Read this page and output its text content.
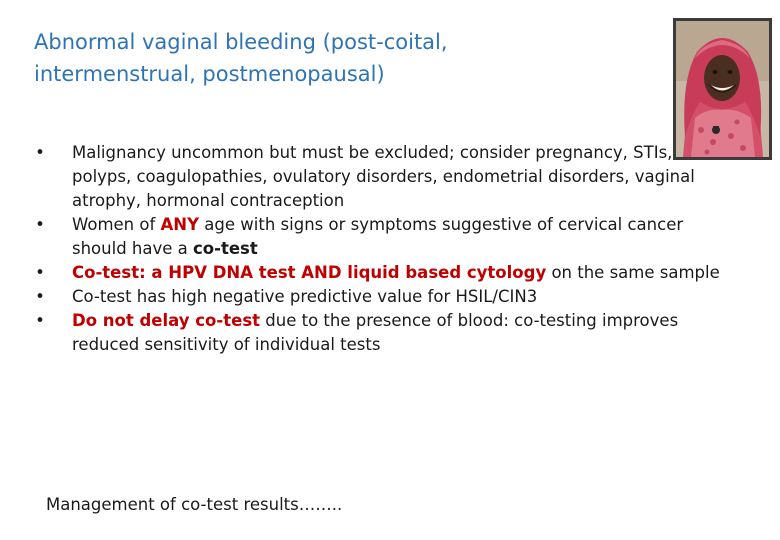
Abnormal vaginal bleeding (post-coital,
intermenstrual, postmenopausal)
• Malignancy uncommon but must be excluded; consider pregnancy, STIs, polyps, coagulopathies, ovulatory disorders, endometrial disorders, vaginal atrophy, hormonal contraception
• Women of ANY age with signs or symptoms suggestive of cervical cancer should have a co-test
• Co-test: a HPV DNA test AND liquid based cytology on the same sample
• Co-test has high negative predictive value for HSIL/CIN3
• Do not delay co-test due to the presence of blood: co-testing improves reduced sensitivity of individual tests
Management of co-test results……..
